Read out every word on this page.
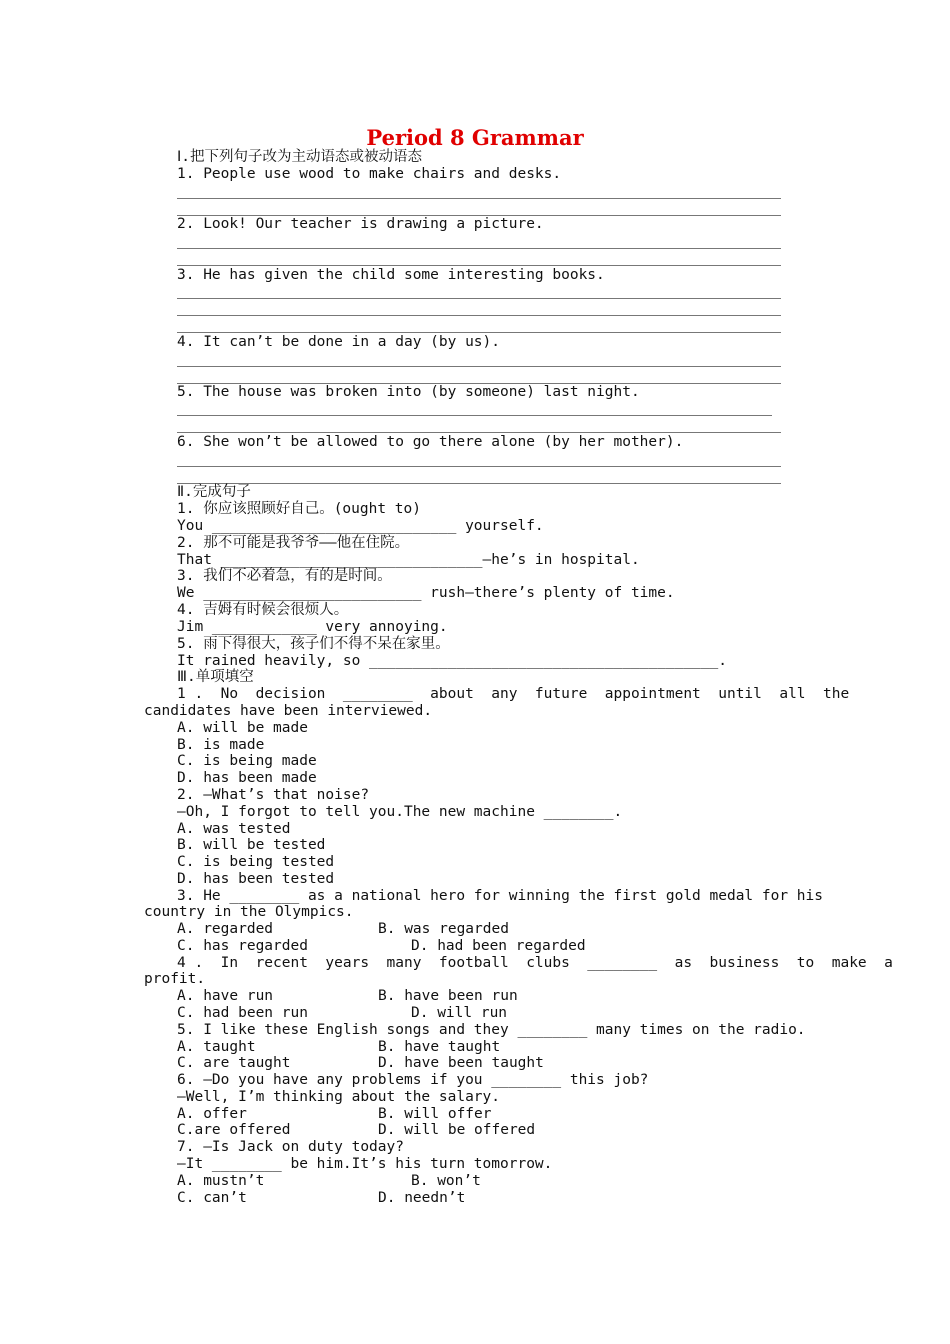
Period 8 Grammar
Ⅰ.把下列句子改为主动语态或被动语态
1. People use wood to make chairs and desks.
2. Look! Our teacher is drawing a picture.
3. He has given the child some interesting books.
4. It can’t be done in a day (by us).
5. The house was broken into (by someone) last night.
6. She won’t be allowed to go there alone (by her mother).
Ⅱ.完成句子
1. 你应该照顾好自己。(ought to)
You ____________________________ yourself.
2. 那不可能是我爷爷——他在住院。
That ______________________________—he’s in hospital.
3. 我们不必着急，有的是时间。
We _________________________ rush—there’s plenty of time.
4. 吉姆有时候会很烦人。
Jim ____________ very annoying.
5. 雨下得很大，孩子们不得不呆在家里。
It rained heavily, so ________________________________________.
Ⅲ.单项填空
1 .  No  decision  ________  about  any  future  appointment  until  all  the
candidates have been interviewed.
A. will be made
B. is made
C. is being made
D. has been made
2. —What’s that noise?
—Oh, I forgot to tell you.The new machine ________.
A. was tested
B. will be tested
C. is being tested
D. has been tested
3. He ________ as a national hero for winning the first gold medal for his
country in the Olympics.
A. regarded	B. was regarded
C. has regarded	D. had been regarded
4 .  In  recent  years  many  football  clubs  ________  as  business  to  make  a
profit.
A. have run	B. have been run
C. had been run	D. will run
5. I like these English songs and they ________ many times on the radio.
A. taught	B. have taught
C. are taught	D. have been taught
6. —Do you have any problems if you ________ this job?
—Well, I’m thinking about the salary.
A. offer	B. will offer
C.are offered	D. will be offered
7. —Is Jack on duty today?
—It ________ be him.It’s his turn tomorrow.
A. mustn’t	B. won’t
C. can’t	D. needn’t
